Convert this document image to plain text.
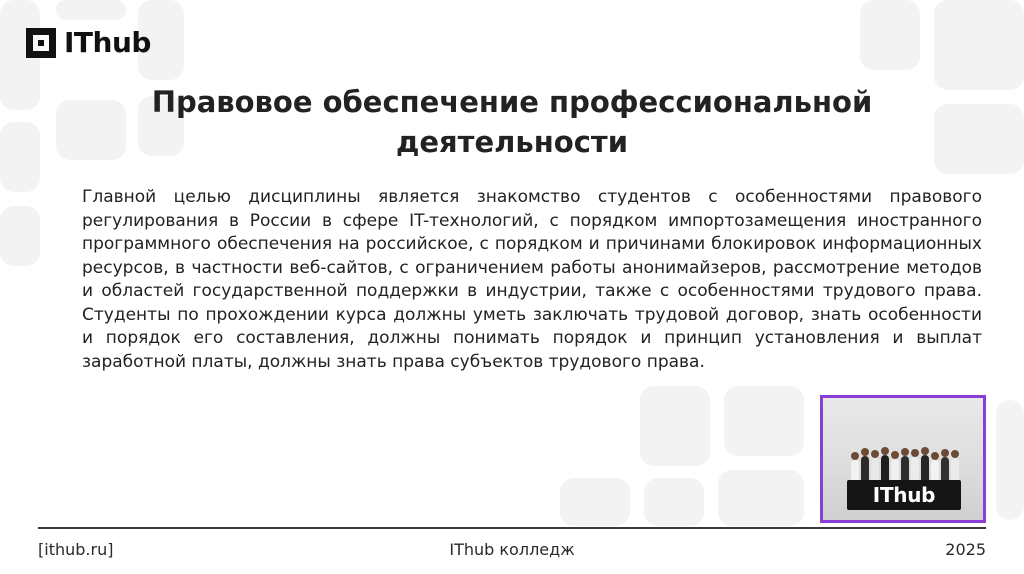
IThub
Правовое обеспечение профессиональной
деятельности
Главной целью дисциплины является знакомство студентов с особенностями правового регулирования в России в сфере IT-технологий, с порядком импортозамещения иностранного программного обеспечения на российское, с порядком и причинами блокировок информационных ресурсов, в частности веб-сайтов, с ограничением работы анонимайзеров, рассмотрение методов и областей государственной поддержки в индустрии, также с особенностями трудового права. Студенты по прохождении курса должны уметь заключать трудовой договор, знать особенности и порядок его составления, должны понимать порядок и принцип установления и выплат заработной платы, должны знать права субъектов трудового права.
IThub
[ithub.ru]	IThub колледж	2025
